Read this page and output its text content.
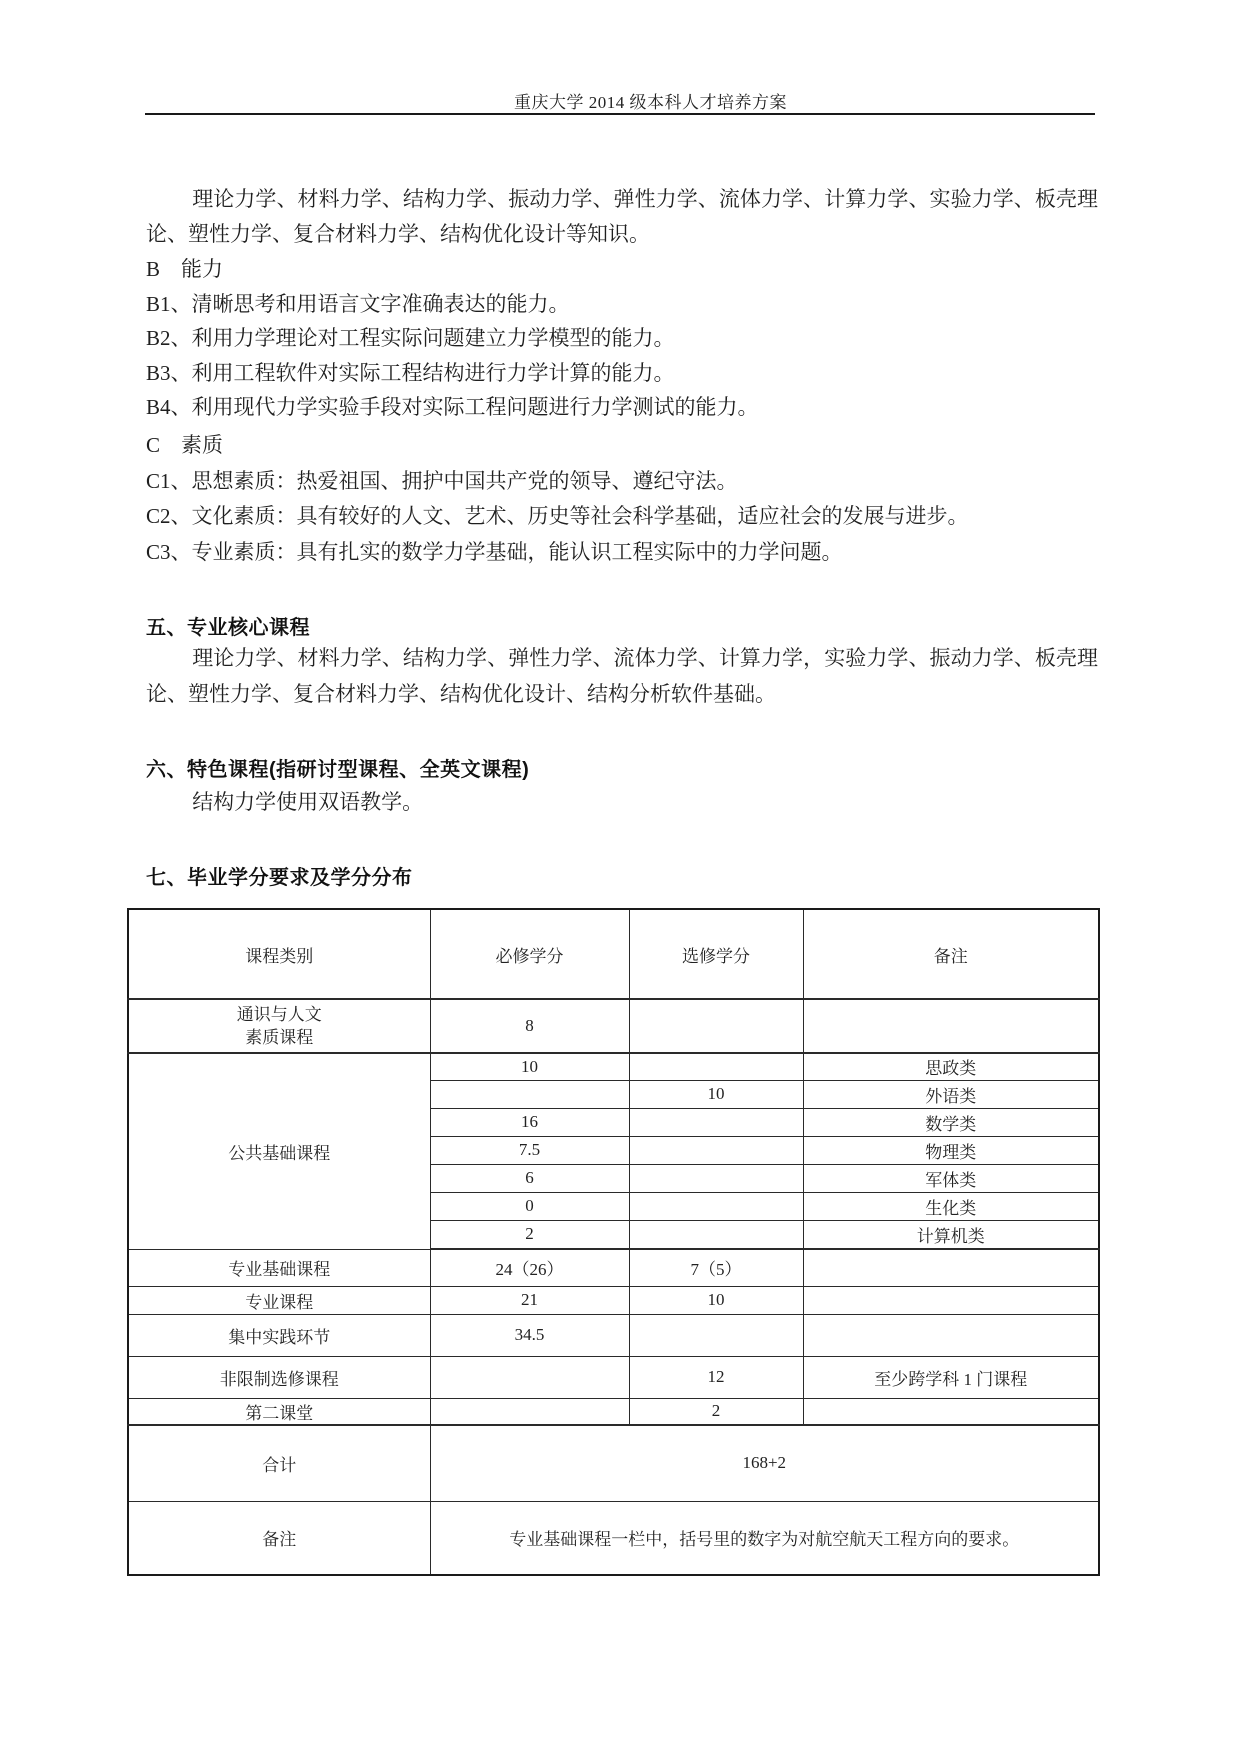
重庆大学 2014 级本科人才培养方案
理论力学、材料力学、结构力学、振动力学、弹性力学、流体力学、计算力学、实验力学、板壳理论、塑性力学、复合材料力学、结构优化设计等知识。
B　能力
B1、清晰思考和用语言文字准确表达的能力。
B2、利用力学理论对工程实际问题建立力学模型的能力。
B3、利用工程软件对实际工程结构进行力学计算的能力。
B4、利用现代力学实验手段对实际工程问题进行力学测试的能力。
C　素质
C1、思想素质：热爱祖国、拥护中国共产党的领导、遵纪守法。
C2、文化素质：具有较好的人文、艺术、历史等社会科学基础，适应社会的发展与进步。
C3、专业素质：具有扎实的数学力学基础，能认识工程实际中的力学问题。
五、专业核心课程
理论力学、材料力学、结构力学、弹性力学、流体力学、计算力学，实验力学、振动力学、板壳理论、塑性力学、复合材料力学、结构优化设计、结构分析软件基础。
六、特色课程(指研讨型课程、全英文课程)
结构力学使用双语教学。
七、毕业学分要求及学分分布
课程类别	必修学分	选修学分	备注

通识与人文
素质课程	8		
公共基础课程	10		思政类
		10	外语类
	16		数学类
	7.5		物理类
	6		军体类
	0		生化类
	2		计算机类
专业基础课程	24（26）	7（5）	
专业课程	21	10	
集中实践环节	34.5		
非限制选修课程		12	至少跨学科 1 门课程
第二课堂		2	
合计	168+2		
备注	专业基础课程一栏中，括号里的数字为对航空航天工程方向的要求。		
